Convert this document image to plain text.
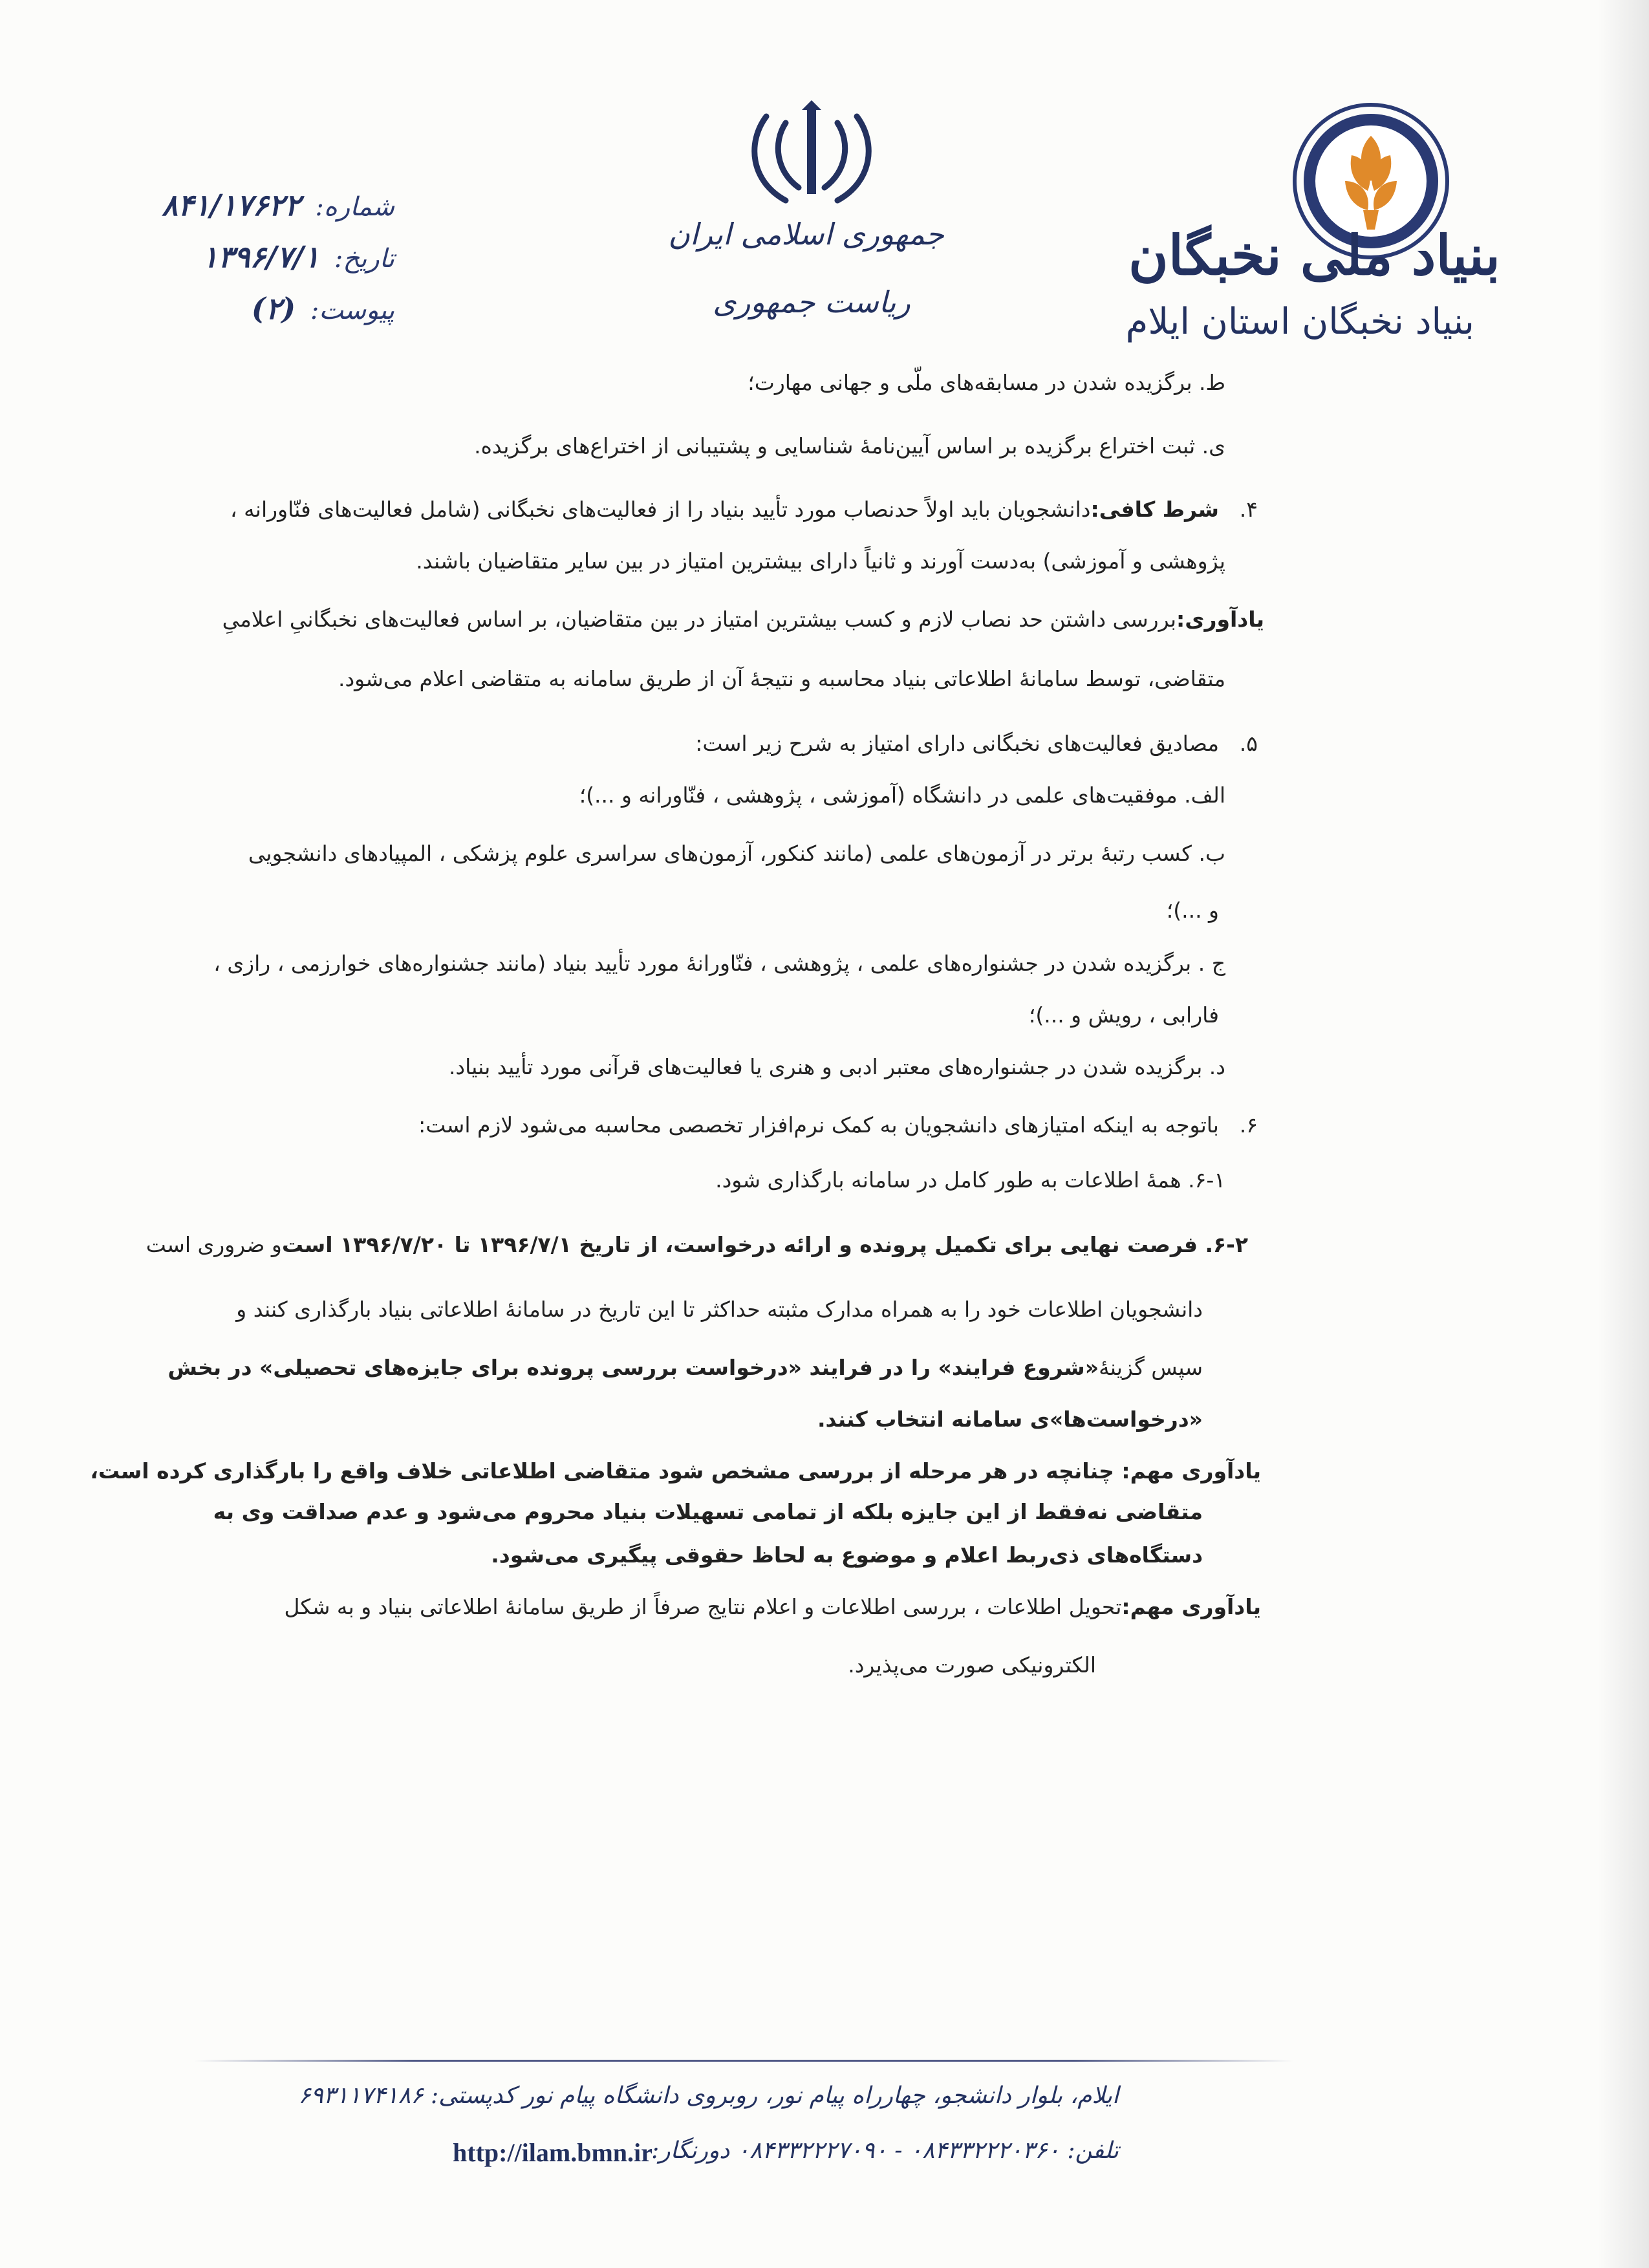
بنیاد ملی نخبگان
بنیاد نخبگان استان ایلام
جمهوری اسلامی ایران
ریاست جمهوری
شماره: ۸۴۱/۱۷۶۲۲
تاریخ: ۱۳۹۶/۷/۱
پیوست: (۲)
ط. برگزیده شدن در مسابقه‌های ملّی و جهانی مهارت؛
ی. ثبت اختراع برگزیده بر اساس آیین‌نامهٔ شناسایی و پشتیبانی از اختراع‌های برگزیده.
۴.
شرط کافی:دانشجویان باید اولاً حدنصاب مورد تأیید بنیاد را از فعالیت‌های نخبگانی (شامل فعالیت‌های فنّاورانه ،
پژوهشی و آموزشی) به‌دست آورند و ثانیاً دارای بیشترین امتیاز در بین سایر متقاضیان باشند.
یادآوری:بررسی داشتن حد نصاب لازم و کسب بیشترین امتیاز در بین متقاضیان، بر اساس فعالیت‌های نخبگانیِ اعلامیِ
متقاضی، توسط سامانهٔ اطلاعاتی بنیاد محاسبه و نتیجهٔ آن از طریق سامانه به متقاضی اعلام می‌شود.
۵.
مصادیق فعالیت‌های نخبگانی دارای امتیاز به شرح زیر است:
الف. موفقیت‌های علمی در دانشگاه (آموزشی ، پژوهشی ، فنّاورانه و ...)؛
ب. کسب رتبهٔ برتر در آزمون‌های علمی (مانند کنکور، آزمون‌های سراسری علوم پزشکی ، المپیادهای دانشجویی
و ...)؛
ج . برگزیده شدن در جشنواره‌های علمی ، پژوهشی ، فنّاورانهٔ مورد تأیید بنیاد (مانند جشنواره‌های خوارزمی ، رازی ،
فارابی ، رویش و ...)؛
د. برگزیده شدن در جشنواره‌های معتبر ادبی و هنری یا فعالیت‌های قرآنی مورد تأیید بنیاد.
۶.
باتوجه به اینکه امتیازهای دانشجویان به کمک نرم‌افزار تخصصی محاسبه می‌شود لازم است:
۶-۱. همهٔ اطلاعات به طور کامل در سامانه بارگذاری شود.
۶-۲. فرصت نهایی برای تکمیل پرونده و ارائه درخواست، از تاریخ ۱۳۹۶/۷/۱ تا ۱۳۹۶/۷/۲۰ استو ضروری است
دانشجویان اطلاعات خود را به همراه مدارک مثبته حداکثر تا این تاریخ در سامانهٔ اطلاعاتی بنیاد بارگذاری کنند و
سپس گزینهٔ«شروع فرایند» را در فرایند «درخواست بررسی پرونده برای جایزه‌های تحصیلی» در بخش
«درخواست‌ها»ی سامانه انتخاب کنند.
یادآوری مهم: چنانچه در هر مرحله از بررسی مشخص شود متقاضی اطلاعاتی خلاف واقع را بارگذاری کرده است،
متقاضی نه‌فقط از این جایزه بلکه از تمامی تسهیلات بنیاد محروم می‌شود و عدم صداقت وی به
دستگاه‌های ذی‌ربط اعلام و موضوع به لحاظ حقوقی پیگیری می‌شود.
یادآوری مهم:تحویل اطلاعات ، بررسی اطلاعات و اعلام نتایج صرفاً از طریق سامانهٔ اطلاعاتی بنیاد و به شکل
الکترونیکی صورت می‌پذیرد.
ایلام، بلوار دانشجو، چهارراه پیام نور، روبروی دانشگاه پیام نور کدپستی: ۶۹۳۱۱۷۴۱۸۶
تلفن: ۰۸۴۳۳۲۲۲۰۳۶۰ - ۰۸۴۳۳۲۲۲۷۰۹۰ دورنگار:
http://ilam.bmn.ir
